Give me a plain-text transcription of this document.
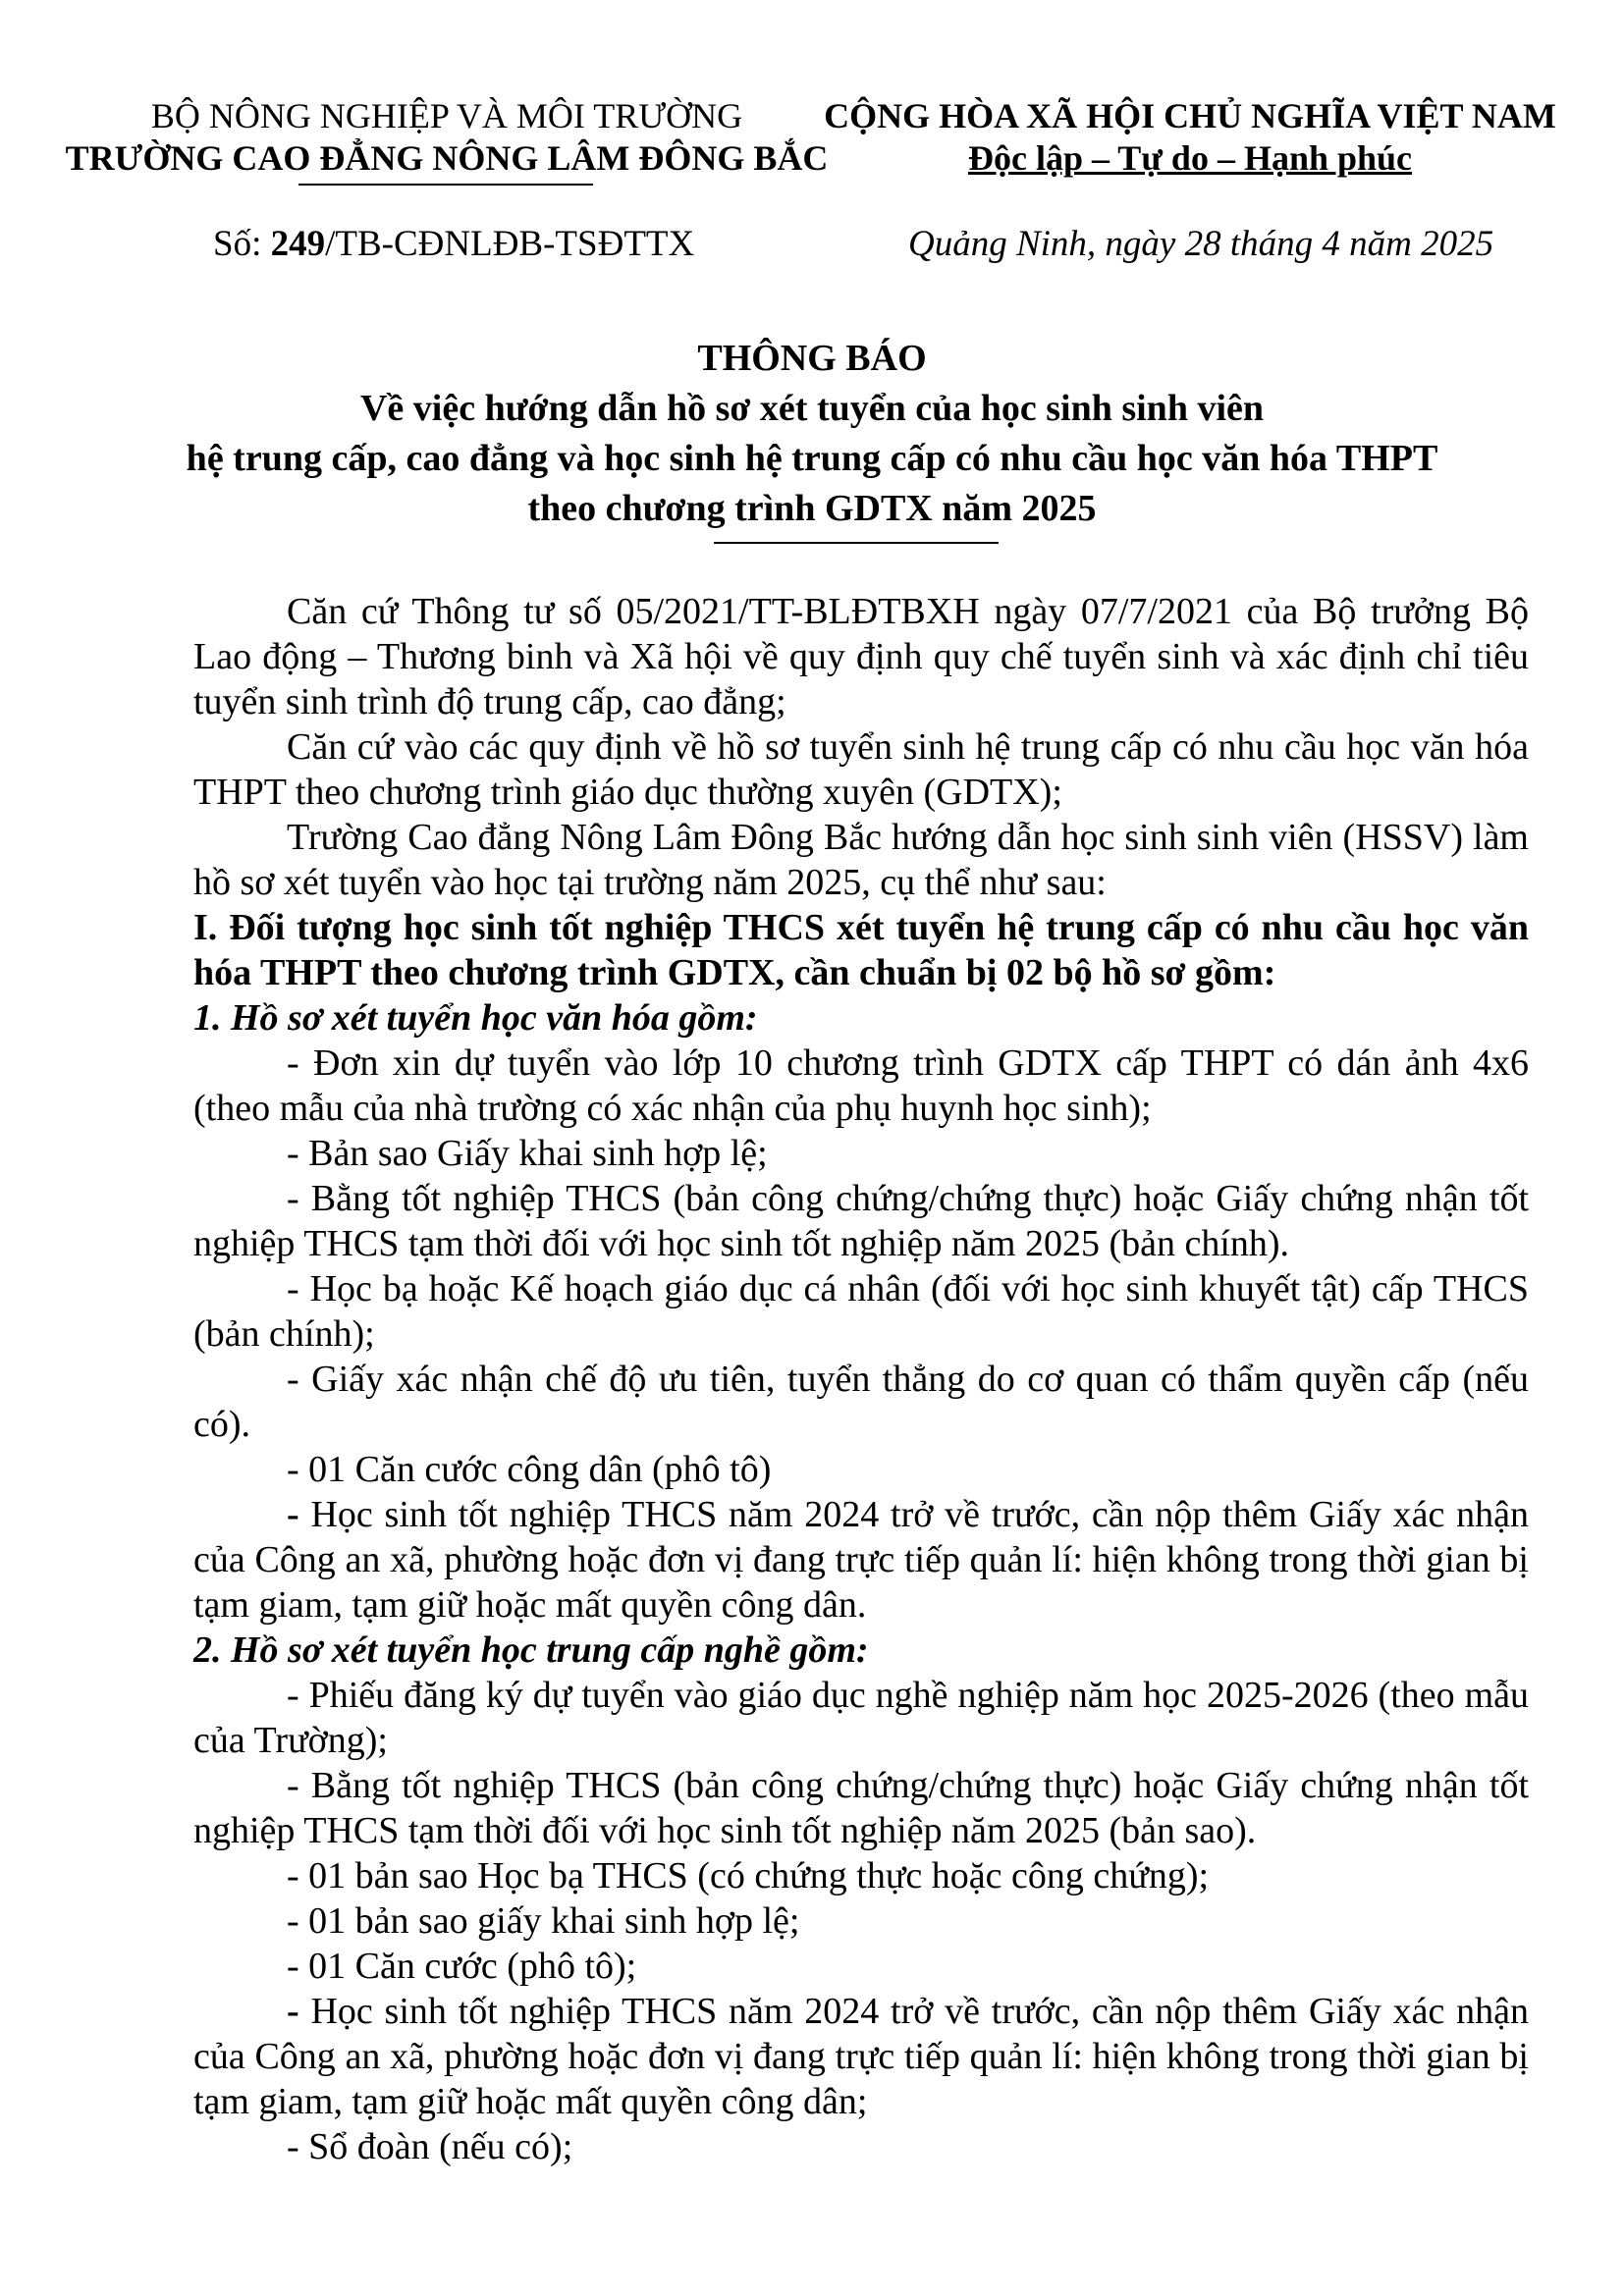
BỘ NÔNG NGHIỆP VÀ MÔI TRƯỜNG
TRƯỜNG CAO ĐẲNG NÔNG LÂM ĐÔNG BẮC
CỘNG HÒA XÃ HỘI CHỦ NGHĨA VIỆT NAM
Độc lập – Tự do – Hạnh phúc
Số: 249/TB-CĐNLĐB-TSĐTTX	Quảng Ninh, ngày 28 tháng 4 năm 2025
THÔNG BÁO
Về việc hướng dẫn hồ sơ xét tuyển của học sinh sinh viên
hệ trung cấp, cao đẳng và học sinh hệ trung cấp có nhu cầu học văn hóa THPT
theo chương trình GDTX năm 2025

Căn cứ Thông tư số 05/2021/TT-BLĐTBXH ngày 07/7/2021 của Bộ trưởng Bộ Lao động – Thương binh và Xã hội về quy định quy chế tuyển sinh và xác định chỉ tiêu tuyển sinh trình độ trung cấp, cao đẳng;

Căn cứ vào các quy định về hồ sơ tuyển sinh hệ trung cấp có nhu cầu học văn hóa THPT theo chương trình giáo dục thường xuyên (GDTX);

Trường Cao đẳng Nông Lâm Đông Bắc hướng dẫn học sinh sinh viên (HSSV) làm hồ sơ xét tuyển vào học tại trường năm 2025, cụ thể như sau:

I. Đối tượng học sinh tốt nghiệp THCS xét tuyển hệ trung cấp có nhu cầu học văn hóa THPT theo chương trình GDTX, cần chuẩn bị 02 bộ hồ sơ gồm:

1. Hồ sơ xét tuyển học văn hóa gồm:

- Đơn xin dự tuyển vào lớp 10 chương trình GDTX cấp THPT có dán ảnh 4x6 (theo mẫu của nhà trường có xác nhận của phụ huynh học sinh);

- Bản sao Giấy khai sinh hợp lệ;

- Bằng tốt nghiệp THCS (bản công chứng/chứng thực) hoặc Giấy chứng nhận tốt nghiệp THCS tạm thời đối với học sinh tốt nghiệp năm 2025 (bản chính).

- Học bạ hoặc Kế hoạch giáo dục cá nhân (đối với học sinh khuyết tật) cấp THCS (bản chính);

- Giấy xác nhận chế độ ưu tiên, tuyển thẳng do cơ quan có thẩm quyền cấp (nếu có).

- 01 Căn cước công dân (phô tô)

- Học sinh tốt nghiệp THCS năm 2024 trở về trước, cần nộp thêm Giấy xác nhận của Công an xã, phường hoặc đơn vị đang trực tiếp quản lí: hiện không trong thời gian bị tạm giam, tạm giữ hoặc mất quyền công dân.

2. Hồ sơ xét tuyển học trung cấp nghề gồm:

- Phiếu đăng ký dự tuyển vào giáo dục nghề nghiệp năm học 2025-2026 (theo mẫu của Trường);

- Bằng tốt nghiệp THCS (bản công chứng/chứng thực) hoặc Giấy chứng nhận tốt nghiệp THCS tạm thời đối với học sinh tốt nghiệp năm 2025 (bản sao).

- 01 bản sao Học bạ THCS (có chứng thực hoặc công chứng);

- 01 bản sao giấy khai sinh hợp lệ;

- 01 Căn cước (phô tô);

- Học sinh tốt nghiệp THCS năm 2024 trở về trước, cần nộp thêm Giấy xác nhận của Công an xã, phường hoặc đơn vị đang trực tiếp quản lí: hiện không trong thời gian bị tạm giam, tạm giữ hoặc mất quyền công dân;

- Sổ đoàn (nếu có);
